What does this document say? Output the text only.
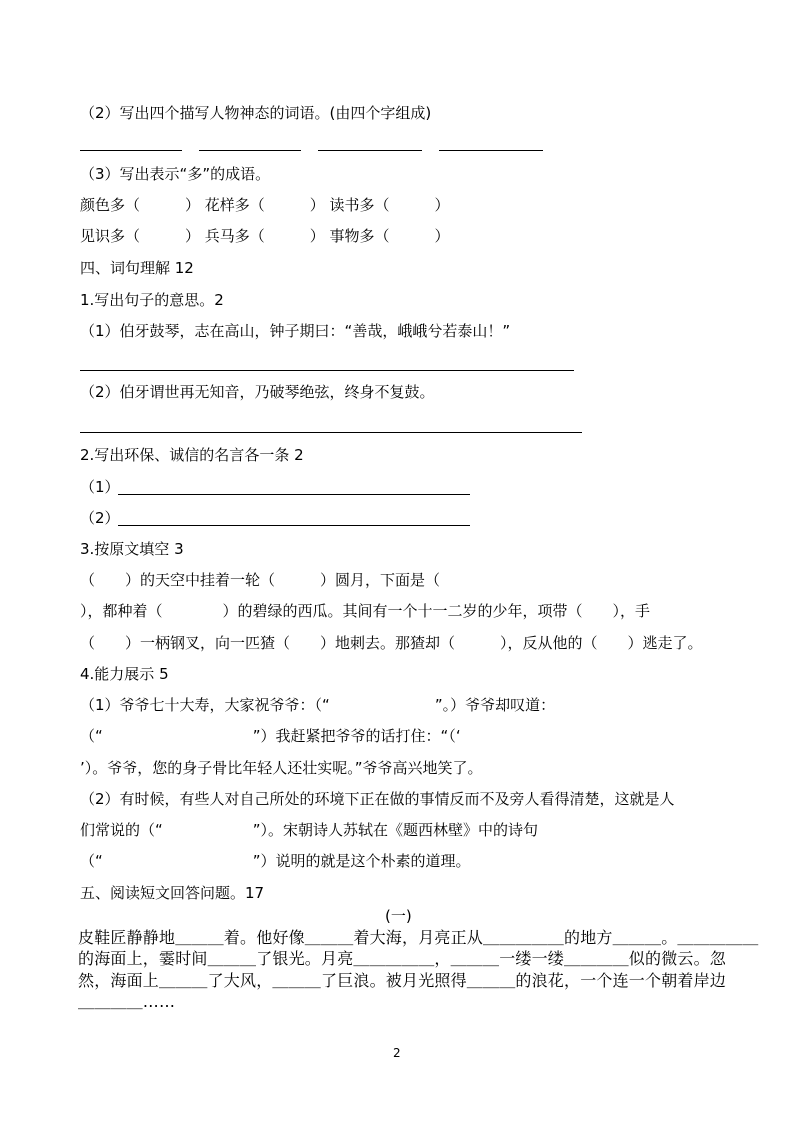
（2）写出四个描写人物神态的词语。(由四个字组成)
（3）写出表示“多”的成语。
颜色多（　　　） 花样多（　　　） 读书多（　　　）
见识多（　　　） 兵马多（　　　） 事物多（　　　）
四、词句理解 12
1.写出句子的意思。2
（1）伯牙鼓琴，志在高山，钟子期曰：“善哉，峨峨兮若泰山！”
（2）伯牙谓世再无知音，乃破琴绝弦，终身不复鼓。
2.写出环保、诚信的名言各一条 2
（1）
（2）
3.按原文填空 3
（　　）的天空中挂着一轮（　　　）圆月，下面是（
），都种着（　　　　）的碧绿的西瓜。其间有一个十一二岁的少年，项带（　　），手
（　　）一柄钢叉，向一匹猹（　　）地刺去。那猹却（　　　），反从他的（　　）逃走了。
4.能力展示 5
（1）爷爷七十大寿，大家祝爷爷：（“　　　　　　　”。）爷爷却叹道：
（“　　　　　　　　　　”）我赶紧把爷爷的话打住：“（‘
’）。爷爷，您的身子骨比年轻人还壮实呢。”爷爷高兴地笑了。
（2）有时候，有些人对自己所处的环境下正在做的事情反而不及旁人看得清楚，这就是人
们常说的（“　　　　　　”）。宋朝诗人苏轼在《题西林壁》中的诗句
（“　　　　　　　　　　”）说明的就是这个朴素的道理。
五、阅读短文回答问题。17
(一)
皮鞋匠静静地＿＿＿着。他好像＿＿＿着大海，月亮正从＿＿＿＿＿的地方＿＿＿。＿＿＿＿＿
的海面上，霎时间＿＿＿了银光。月亮＿＿＿＿＿，＿＿＿一缕一缕＿＿＿＿似的微云。忽
然，海面上＿＿＿了大风，＿＿＿了巨浪。被月光照得＿＿＿的浪花，一个连一个朝着岸边
＿＿＿＿……
2
